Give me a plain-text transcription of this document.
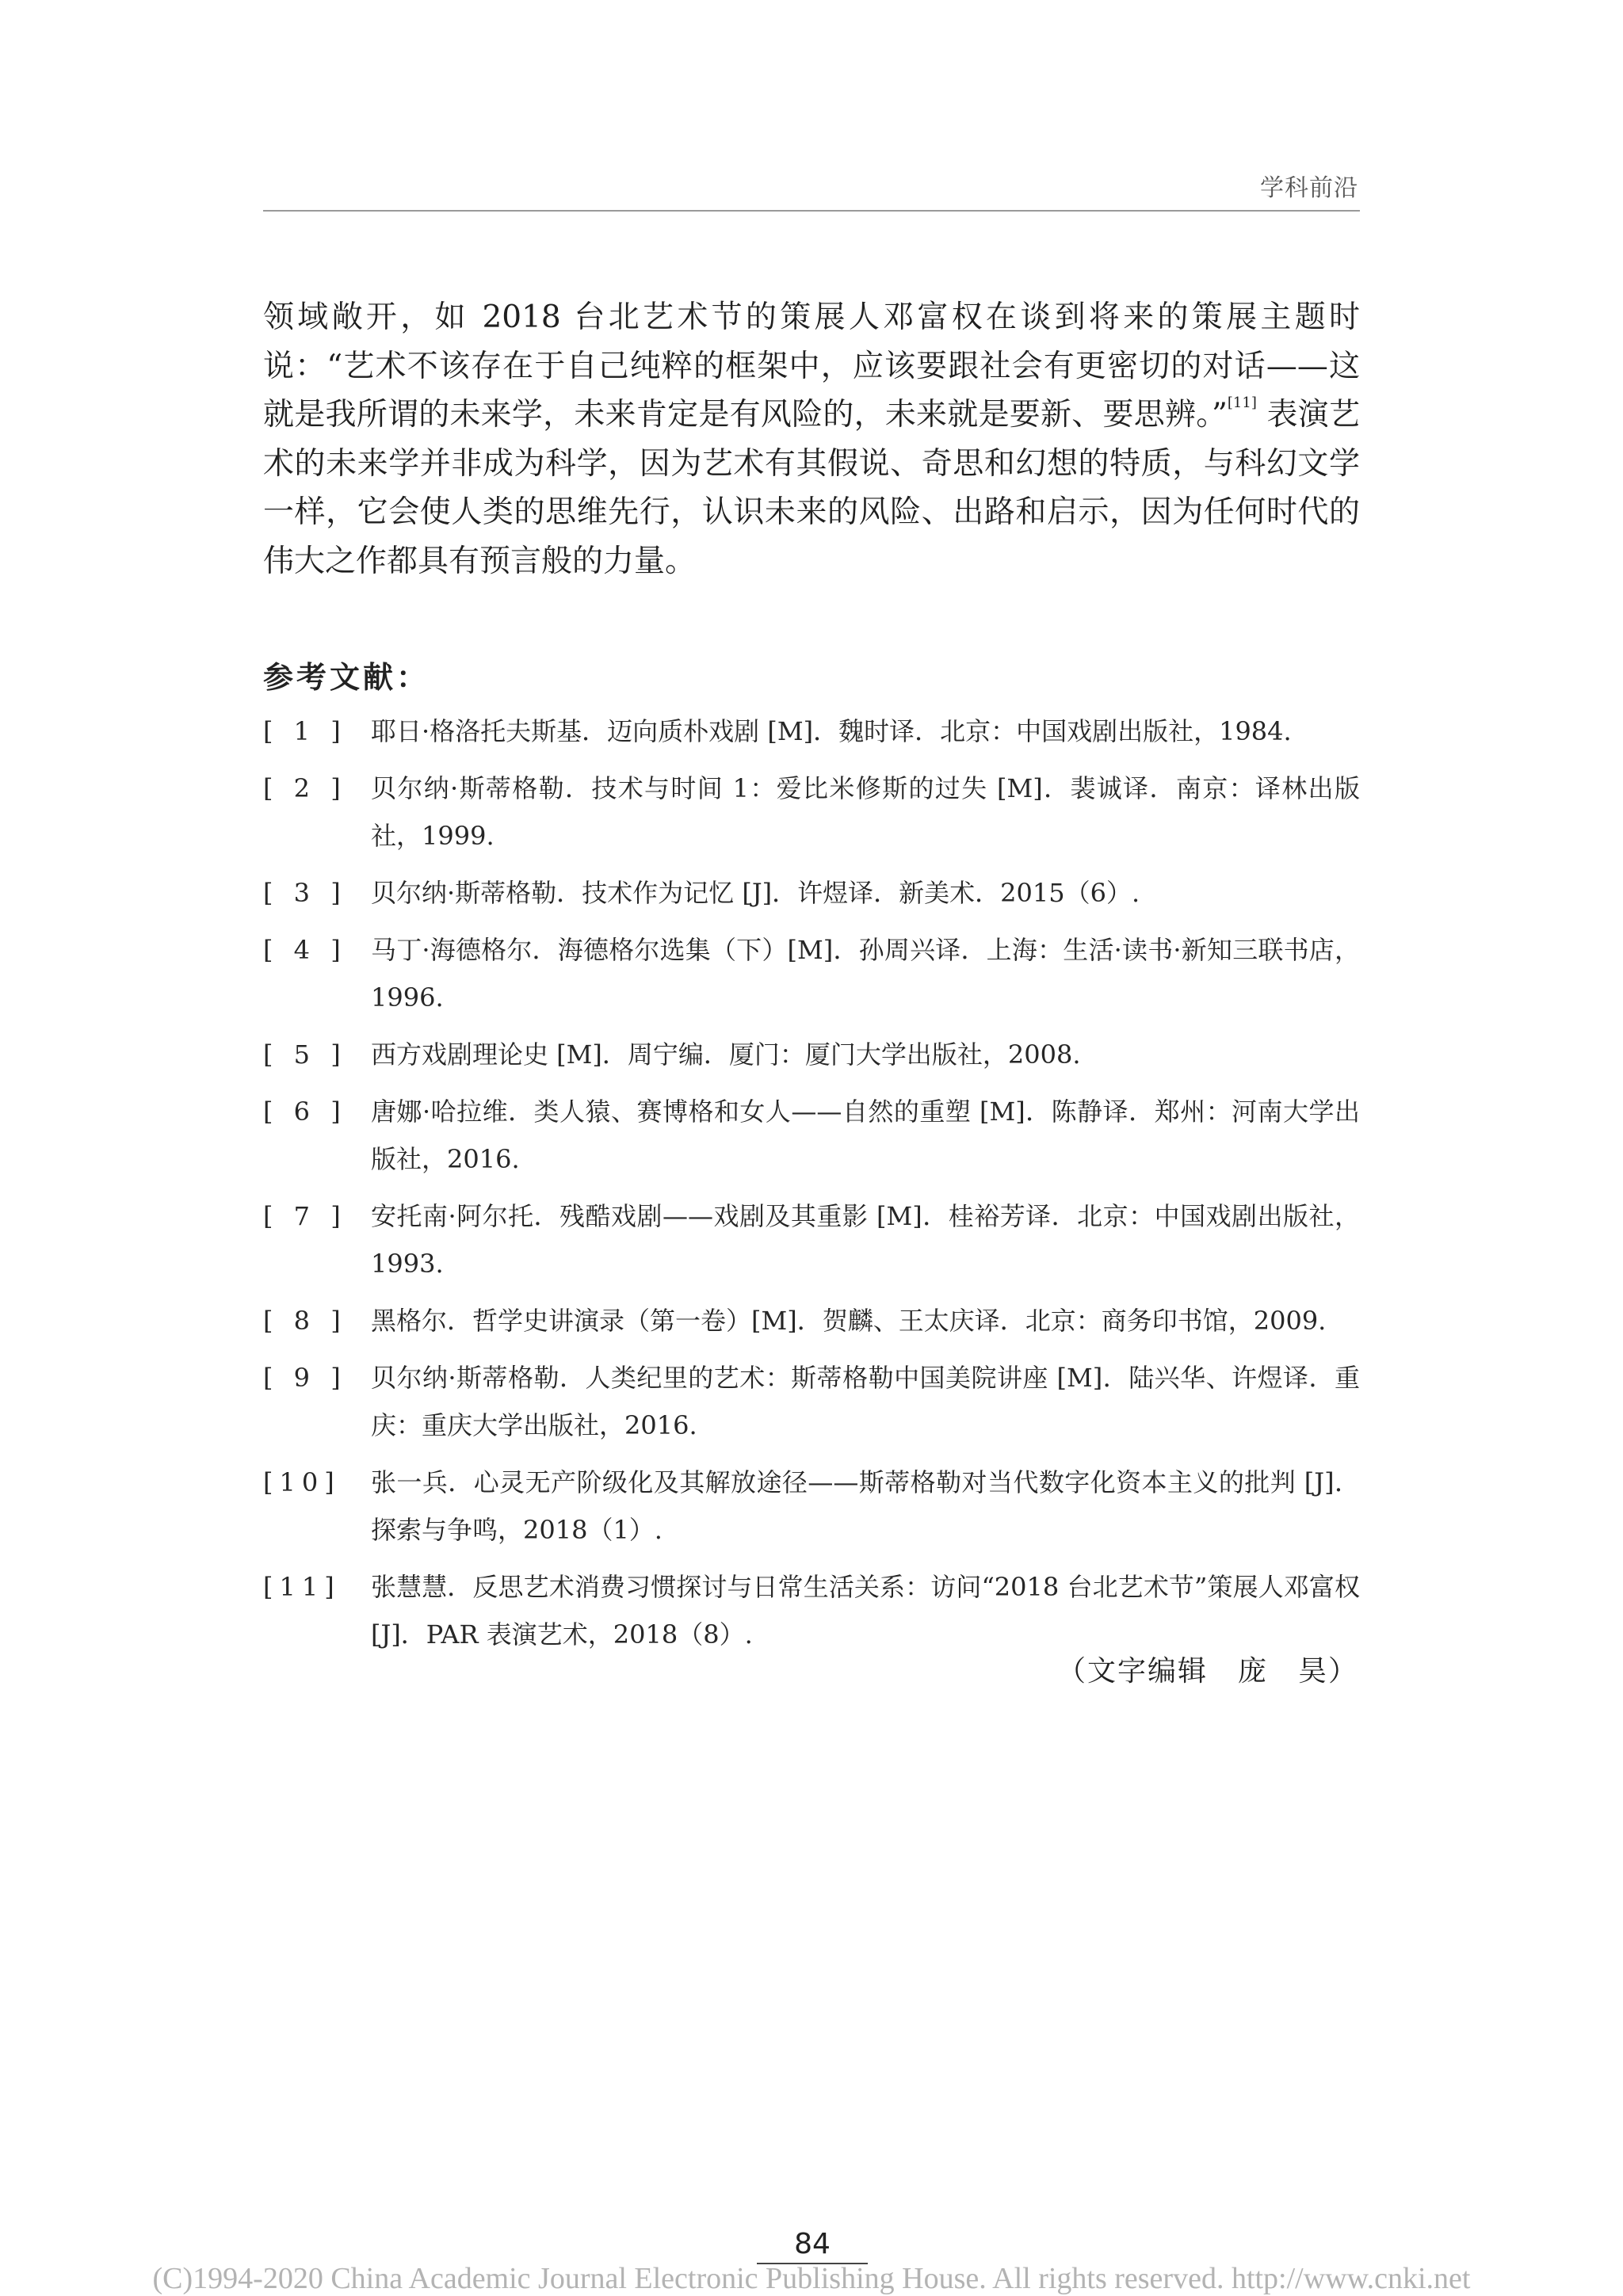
学科前沿

领域敞开，如 2018 台北艺术节的策展人邓富权在谈到将来的策展主题时说：“艺术不该存在于自己纯粹的框架中，应该要跟社会有更密切的对话——这就是我所谓的未来学，未来肯定是有风险的，未来就是要新、要思辨。”[11] 表演艺术的未来学并非成为科学，因为艺术有其假说、奇思和幻想的特质，与科幻文学一样，它会使人类的思维先行，认识未来的风险、出路和启示，因为任何时代的伟大之作都具有预言般的力量。

参考文献：
[ 1 ] 耶日·格洛托夫斯基．迈向质朴戏剧 [M]．魏时译．北京：中国戏剧出版社，1984.
[ 2 ] 贝尔纳·斯蒂格勒．技术与时间 1：爱比米修斯的过失 [M]．裴诚译．南京：译林出版社，1999.
[ 3 ] 贝尔纳·斯蒂格勒．技术作为记忆 [J]．许煜译．新美术．2015（6）.
[ 4 ] 马丁·海德格尔．海德格尔选集（下）[M]．孙周兴译．上海：生活·读书·新知三联书店，1996.
[ 5 ] 西方戏剧理论史 [M]．周宁编．厦门：厦门大学出版社，2008.
[ 6 ] 唐娜·哈拉维．类人猿、赛博格和女人——自然的重塑 [M]．陈静译．郑州：河南大学出版社，2016.
[ 7 ] 安托南·阿尔托．残酷戏剧——戏剧及其重影 [M]．桂裕芳译．北京：中国戏剧出版社，1993.
[ 8 ] 黑格尔．哲学史讲演录（第一卷）[M]．贺麟、王太庆译．北京：商务印书馆，2009.
[ 9 ] 贝尔纳·斯蒂格勒．人类纪里的艺术：斯蒂格勒中国美院讲座 [M]．陆兴华、许煜译．重庆：重庆大学出版社，2016.
[10]	张一兵．心灵无产阶级化及其解放途径——斯蒂格勒对当代数字化资本主义的批判 [J]．探索与争鸣，2018（1）.
[11]	张慧慧．反思艺术消费习惯探讨与日常生活关系：访问“2018 台北艺术节”策展人邓富权 [J]．PAR 表演艺术，2018（8）.

（文字编辑　庞　昊）

84

(C)1994-2020 China Academic Journal Electronic Publishing House. All rights reserved. http://www.cnki.net
